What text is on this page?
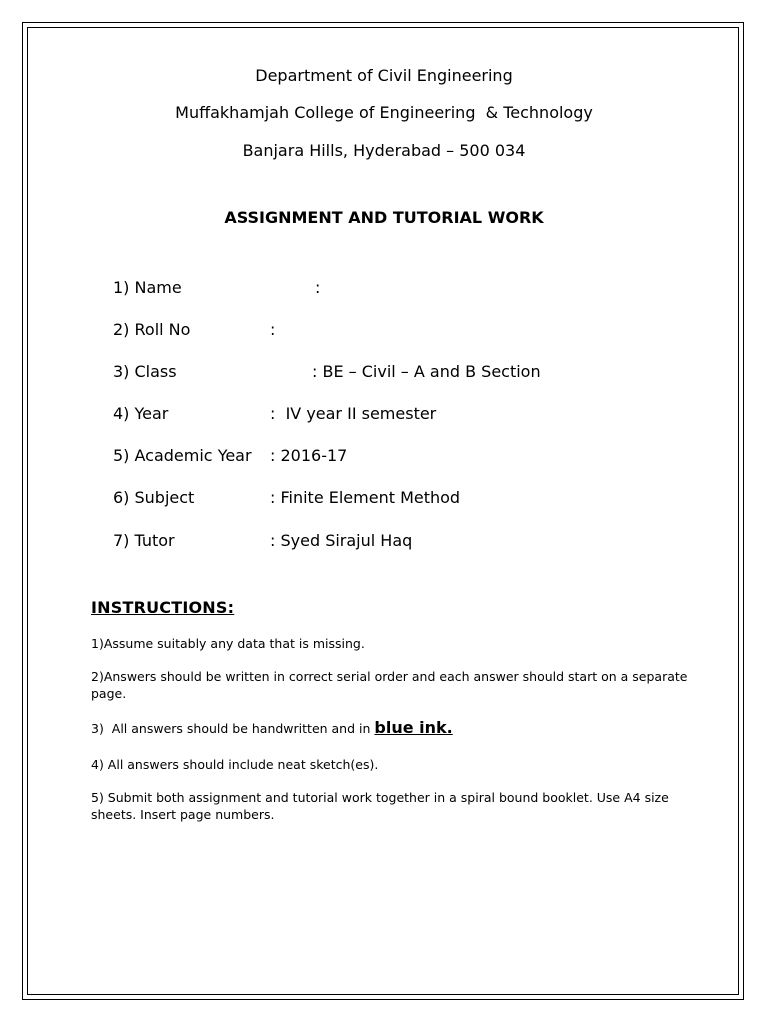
Department of Civil Engineering
Muffakhamjah College of Engineering  & Technology
Banjara Hills, Hyderabad – 500 034
ASSIGNMENT AND TUTORIAL WORK
1) Name	:
2) Roll No	:
3) Class	: BE – Civil – A and B Section
4) Year	:  IV year II semester
5) Academic Year : 2016-17
6) Subject	: Finite Element Method
7) Tutor	: Syed Sirajul Haq
INSTRUCTIONS:
1)Assume suitably any data that is missing.
2)Answers should be written in correct serial order and each answer should start on a separate  page.
3)  All answers should be handwritten and in blue ink.
4) All answers should include neat sketch(es).
5) Submit both assignment and tutorial work together in a spiral bound booklet. Use A4 size sheets. Insert page numbers.
